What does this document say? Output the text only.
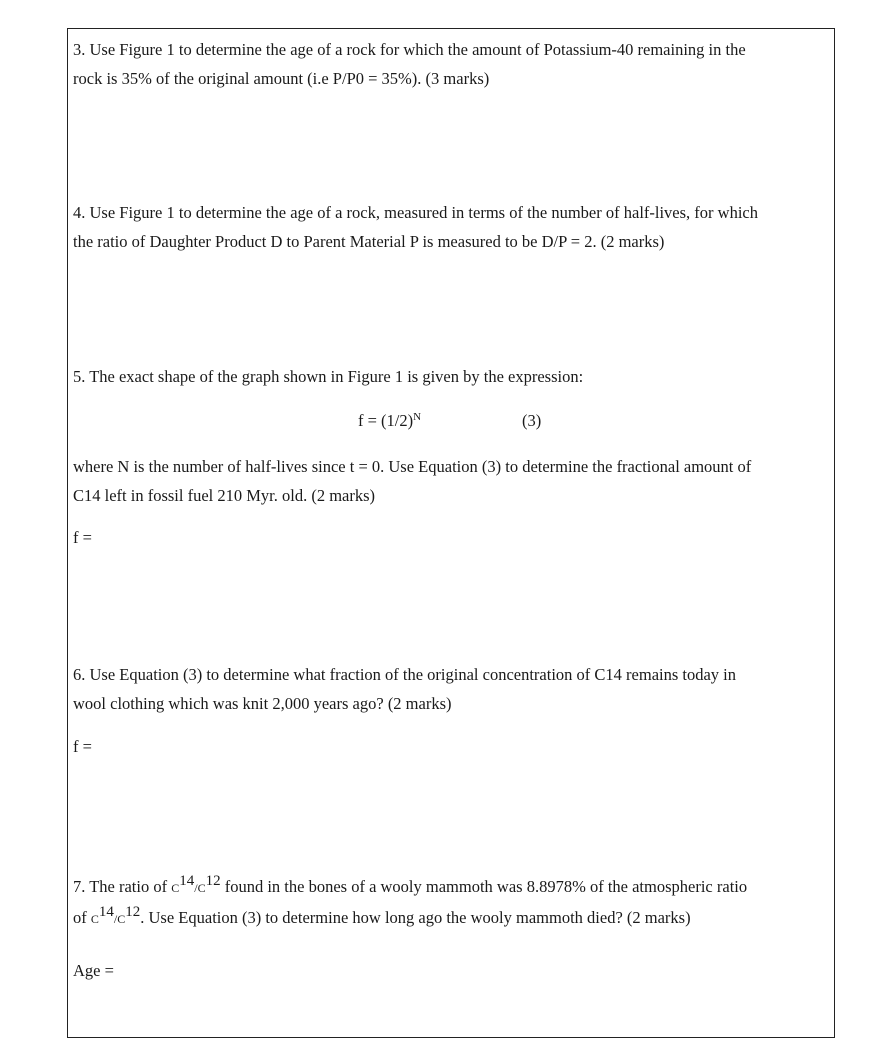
3. Use Figure 1 to determine the age of a rock for which the amount of Potassium-40 remaining in the
rock is 35% of the original amount (i.e P/P0 = 35%). (3 marks)
4. Use Figure 1 to determine the age of a rock, measured in terms of the number of half-lives, for which
the ratio of Daughter Product D to Parent Material P is measured to be D/P = 2. (2 marks)
5. The exact shape of the graph shown in Figure 1 is given by the expression:
$f = (1/2)^N$	(3)
where N is the number of half-lives since t = 0. Use Equation (3) to determine the fractional amount of
C14 left in fossil fuel 210 Myr. old. (2 marks)
f =
6. Use Equation (3) to determine what fraction of the original concentration of C14 remains today in
wool clothing which was knit 2,000 years ago? (2 marks)
f =
7. The ratio of $C^{14}/C^{12}$ found in the bones of a wooly mammoth was 8.8978% of the atmospheric ratio
of $C^{14}/C^{12}$. Use Equation (3) to determine how long ago the wooly mammoth died? (2 marks)
Age =
